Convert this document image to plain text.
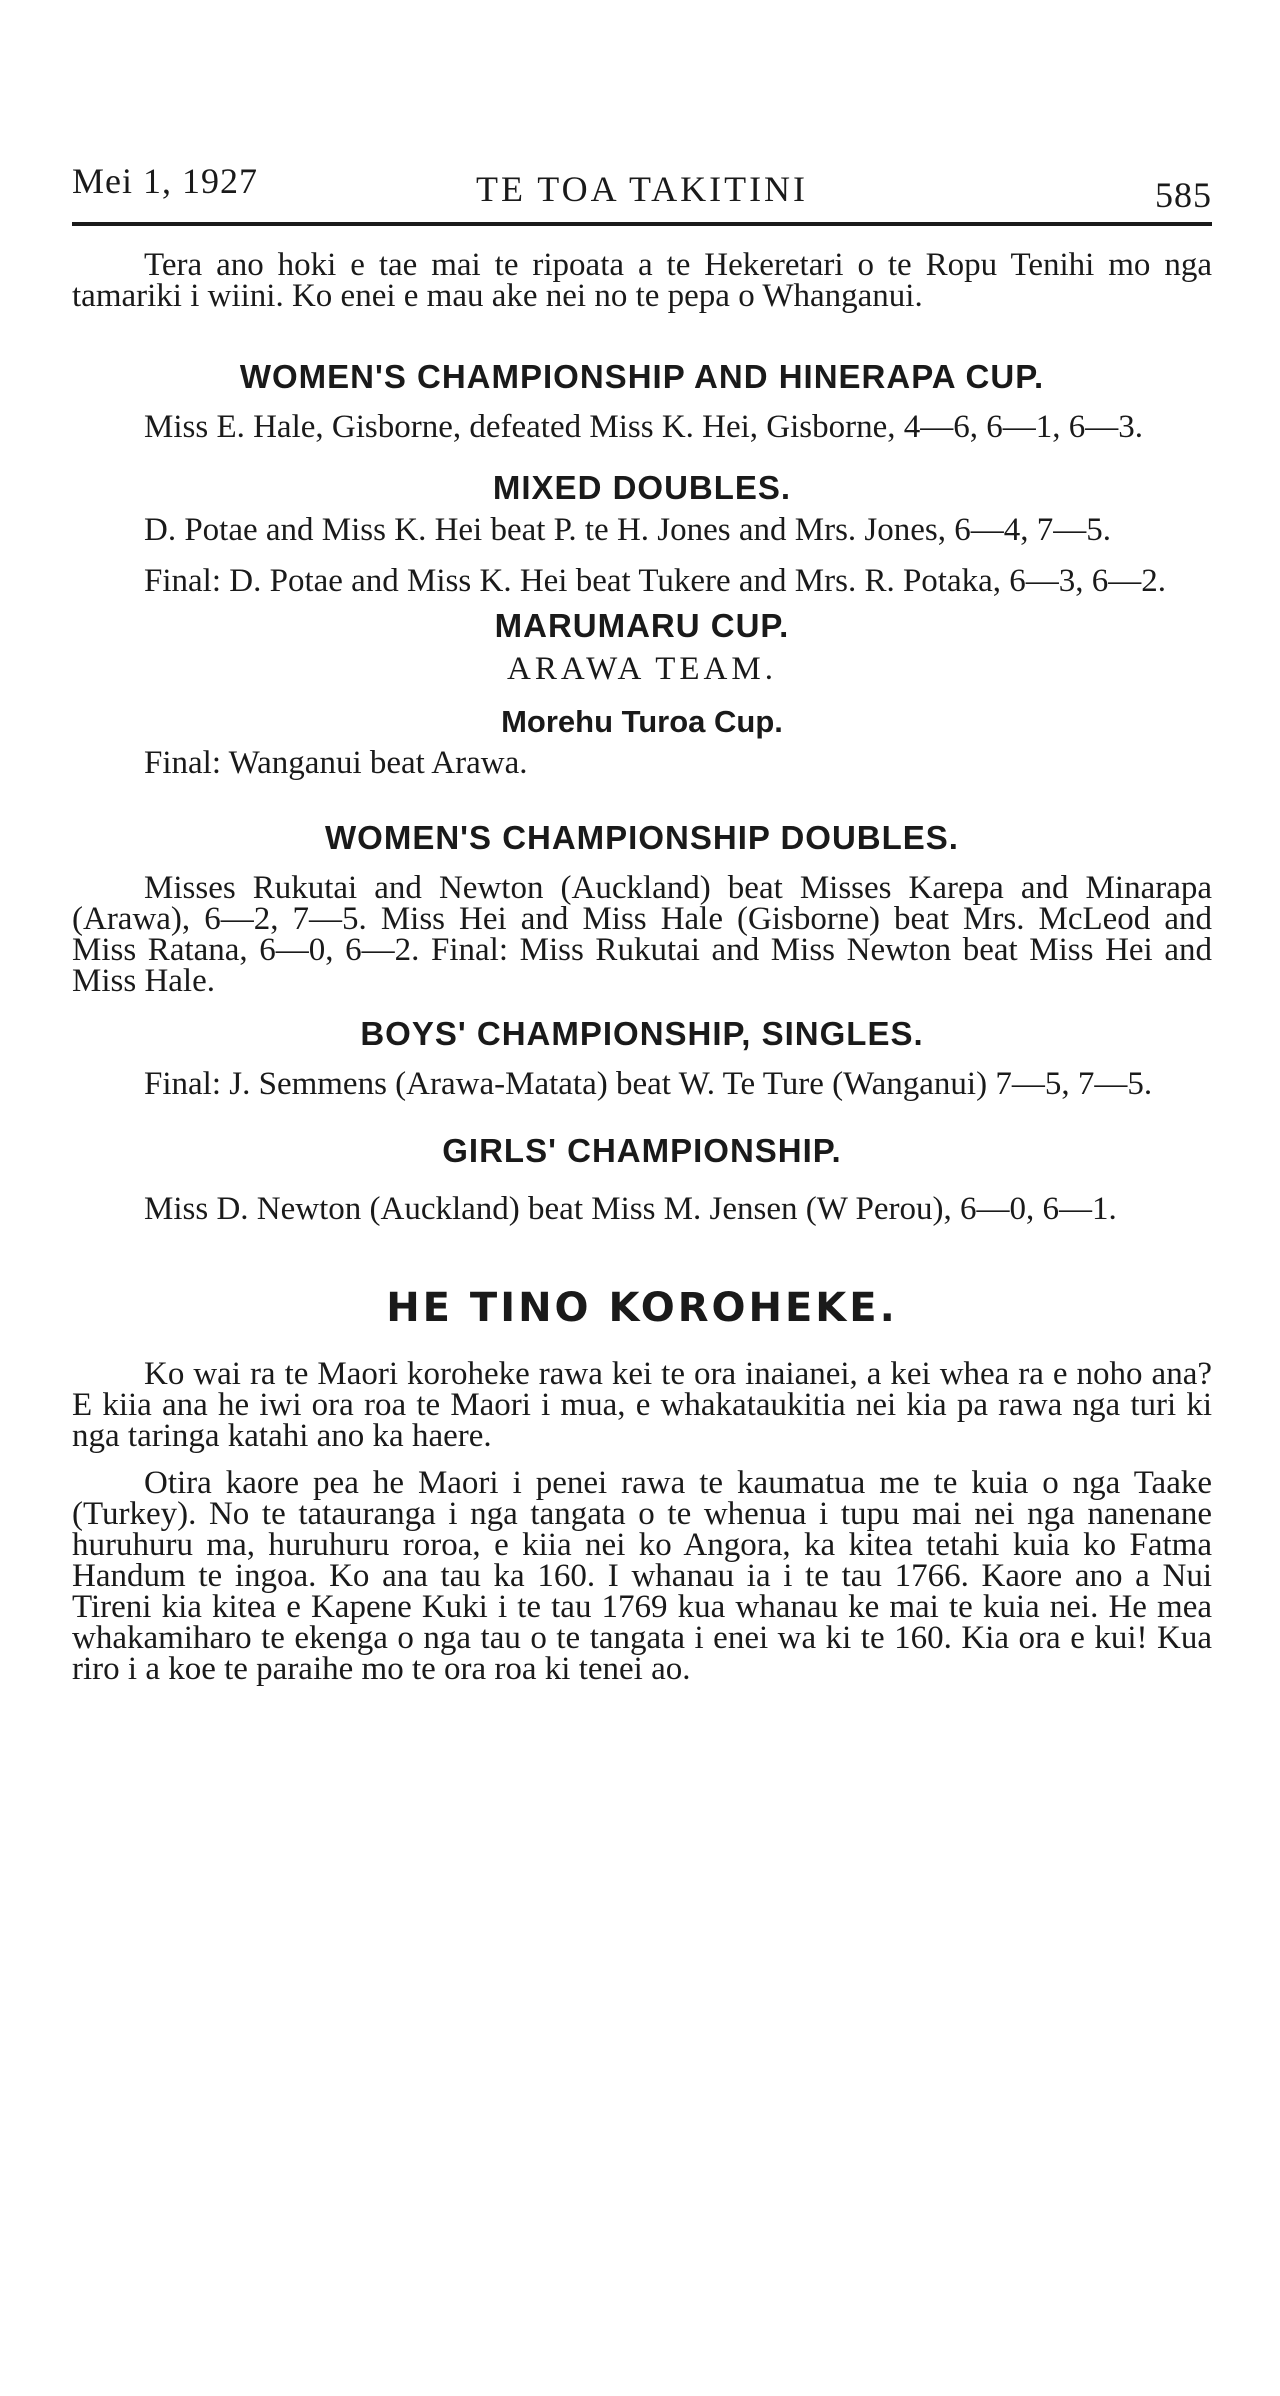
Mei 1, 1927	TE TOA TAKITINI	585

Tera ano hoki e tae mai te ripoata a te Hekeretari o te Ropu Tenihi mo nga tamariki i wiini. Ko enei e mau ake nei no te pepa o Whanganui.

WOMEN'S CHAMPIONSHIP AND HINERAPA CUP.

Miss E. Hale, Gisborne, defeated Miss K. Hei, Gisborne, 4—6, 6—1, 6—3.

MIXED DOUBLES.

D. Potae and Miss K. Hei beat P. te H. Jones and Mrs. Jones, 6—4, 7—5.

Final: D. Potae and Miss K. Hei beat Tukere and Mrs. R. Potaka, 6—3, 6—2.

MARUMARU CUP.
ARAWA TEAM.
Morehu Turoa Cup.

Final: Wanganui beat Arawa.

WOMEN'S CHAMPIONSHIP DOUBLES.

Misses Rukutai and Newton (Auckland) beat Misses Karepa and Minarapa (Arawa), 6—2, 7—5. Miss Hei and Miss Hale (Gisborne) beat Mrs. McLeod and Miss Ratana, 6—0, 6—2. Final: Miss Rukutai and Miss Newton beat Miss Hei and Miss Hale.

BOYS' CHAMPIONSHIP, SINGLES.

Final: J. Semmens (Arawa-Matata) beat W. Te Ture (Wanganui) 7—5, 7—5.

GIRLS' CHAMPIONSHIP.

Miss D. Newton (Auckland) beat Miss M. Jensen (W Perou), 6—0, 6—1.

HE TINO KOROHEKE.

Ko wai ra te Maori koroheke rawa kei te ora inaianei, a kei whea ra e noho ana? E kiia ana he iwi ora roa te Maori i mua, e whakataukitia nei kia pa rawa nga turi ki nga taringa katahi ano ka haere.

Otira kaore pea he Maori i penei rawa te kaumatua me te kuia o nga Taake (Turkey). No te tatauranga i nga tangata o te whenua i tupu mai nei nga nanenane huruhuru ma, huruhuru roroa, e kiia nei ko Angora, ka kitea tetahi kuia ko Fatma Handum te ingoa. Ko ana tau ka 160. I whanau ia i te tau 1766. Kaore ano a Nui Tireni kia kitea e Kapene Kuki i te tau 1769 kua whanau ke mai te kuia nei. He mea whakamiharo te ekenga o nga tau o te tangata i enei wa ki te 160. Kia ora e kui! Kua riro i a koe te paraihe mo te ora roa ki tenei ao.
